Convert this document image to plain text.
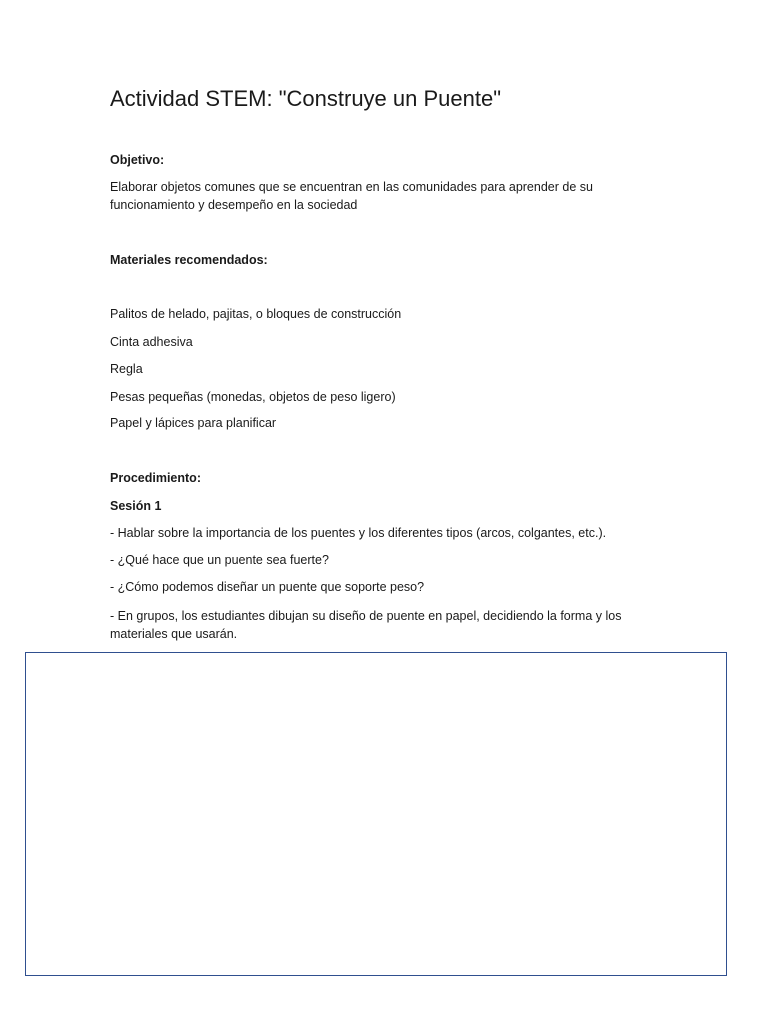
Actividad STEM: "Construye un Puente"

Objetivo:

Elaborar objetos comunes que se encuentran en las comunidades para aprender de su funcionamiento y desempeño en la sociedad

Materiales recomendados:

Palitos de helado, pajitas, o bloques de construcción

Cinta adhesiva

Regla

Pesas pequeñas (monedas, objetos de peso ligero)

Papel y lápices para planificar

Procedimiento:

Sesión 1

- Hablar sobre la importancia de los puentes y los diferentes tipos (arcos, colgantes, etc.).

- ¿Qué hace que un puente sea fuerte?

- ¿Cómo podemos diseñar un puente que soporte peso?

- En grupos, los estudiantes dibujan su diseño de puente en papel, decidiendo la forma y los materiales que usarán.
